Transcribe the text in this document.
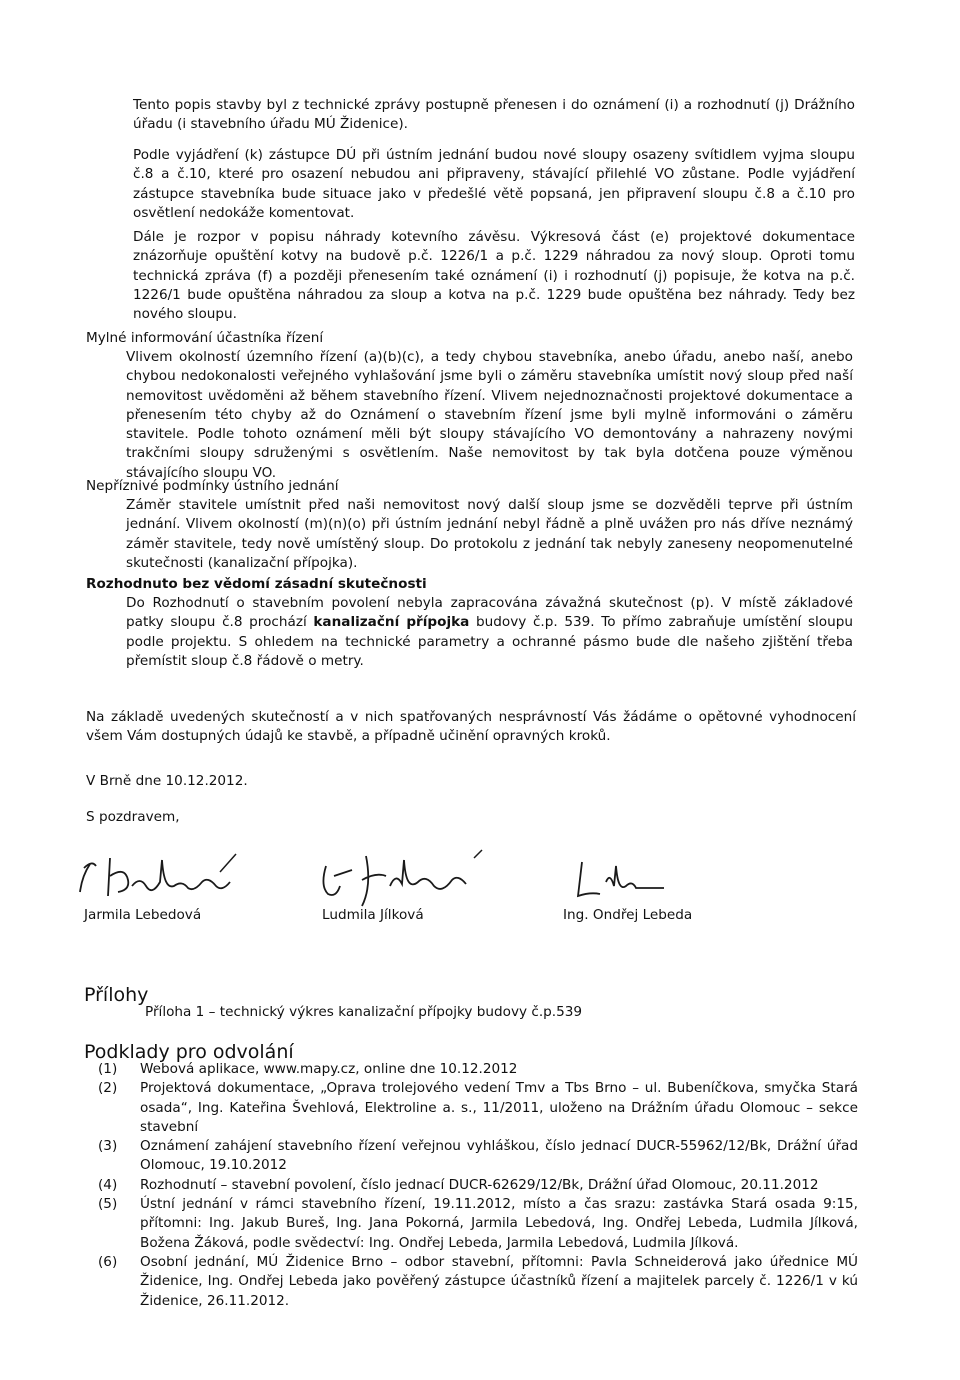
Tento popis stavby byl z technické zprávy postupně přenesen i do oznámení (i) a rozhodnutí (j) Drážního úřadu (i stavebního úřadu MÚ Židenice).

Podle vyjádření (k) zástupce DÚ při ústním jednání budou nové sloupy osazeny svítidlem vyjma sloupu č.8 a č.10, které pro osazení nebudou ani připraveny, stávající přilehlé VO zůstane. Podle vyjádření zástupce stavebníka bude situace jako v předešlé větě popsaná, jen připravení sloupu č.8 a č.10 pro osvětlení nedokáže komentovat.

Dále je rozpor v popisu náhrady kotevního závěsu. Výkresová část (e) projektové dokumentace znázorňuje opuštění kotvy na budově p.č. 1226/1 a p.č. 1229 náhradou za nový sloup. Oproti tomu technická zpráva (f) a později přenesením také oznámení (i) i rozhodnutí (j) popisuje, že kotva na p.č. 1226/1 bude opuštěna náhradou za sloup a kotva na p.č. 1229 bude opuštěna bez náhrady. Tedy bez nového sloupu.

Mylné informování účastníka řízení

Vlivem okolností územního řízení (a)(b)(c), a tedy chybou stavebníka, anebo úřadu, anebo naší, anebo chybou nedokonalosti veřejného vyhlašování jsme byli o záměru stavebníka umístit nový sloup před naší nemovitost uvědoměni až během stavebního řízení. Vlivem nejednoznačnosti projektové dokumentace a přenesením této chyby až do Oznámení o stavebním řízení jsme byli mylně informováni o záměru stavitele. Podle tohoto oznámení měli být sloupy stávajícího VO demontovány a nahrazeny novými trakčními sloupy sdruženými s osvětlením. Naše nemovitost by tak byla dotčena pouze výměnou stávajícího sloupu VO.

Nepříznivé podmínky ústního jednání

Záměr stavitele umístnit před naši nemovitost nový další sloup jsme se dozvěděli teprve při ústním jednání. Vlivem okolností (m)(n)(o) při ústním jednání nebyl řádně a plně uvážen pro nás dříve neznámý záměr stavitele, tedy nově umístěný sloup. Do protokolu z jednání tak nebyly zaneseny neopomenutelné skutečnosti (kanalizační přípojka).

Rozhodnuto bez vědomí zásadní skutečnosti

Do Rozhodnutí o stavebním povolení nebyla zapracována závažná skutečnost (p). V místě základové patky sloupu č.8 prochází kanalizační přípojka budovy č.p. 539. To přímo zabraňuje umístění sloupu podle projektu. S ohledem na technické parametry a ochranné pásmo bude dle našeho zjištění třeba přemístit sloup č.8 řádově o metry.

Na základě uvedených skutečností a v nich spatřovaných nesprávností Vás žádáme o opětovné vyhodnocení všem Vám dostupných údajů ke stavbě, a případně učinění opravných kroků.

V Brně dne 10.12.2012.

S pozdravem,

Jarmila Lebedová	Ludmila Jílková	Ing. Ondřej Lebeda

Přílohy

Příloha 1 – technický výkres kanalizační přípojky budovy č.p.539

Podklady pro odvolání

(1)	Webová aplikace, www.mapy.cz, online dne 10.12.2012
(2)	Projektová dokumentace, „Oprava trolejového vedení Tmv a Tbs Brno – ul. Bubeníčkova, smyčka Stará osada“, Ing. Kateřina Švehlová, Elektroline a. s., 11/2011, uloženo na Drážním úřadu Olomouc – sekce stavební
(3)	Oznámení zahájení stavebního řízení veřejnou vyhláškou, číslo jednací DUCR-55962/12/Bk, Drážní úřad Olomouc, 19.10.2012
(4)	Rozhodnutí – stavební povolení, číslo jednací DUCR-62629/12/Bk, Drážní úřad Olomouc, 20.11.2012
(5)	Ústní jednání v rámci stavebního řízení, 19.11.2012, místo a čas srazu: zastávka Stará osada 9:15, přítomni: Ing. Jakub Bureš, Ing. Jana Pokorná, Jarmila Lebedová, Ing. Ondřej Lebeda, Ludmila Jílková, Božena Žáková, podle svědectví: Ing. Ondřej Lebeda, Jarmila Lebedová, Ludmila Jílková.
(6)	Osobní jednání, MÚ Židenice Brno – odbor stavební, přítomni: Pavla Schneiderová jako úřednice MÚ Židenice, Ing. Ondřej Lebeda jako pověřený zástupce účastníků řízení a majitelek parcely č. 1226/1 v kú Židenice, 26.11.2012.
